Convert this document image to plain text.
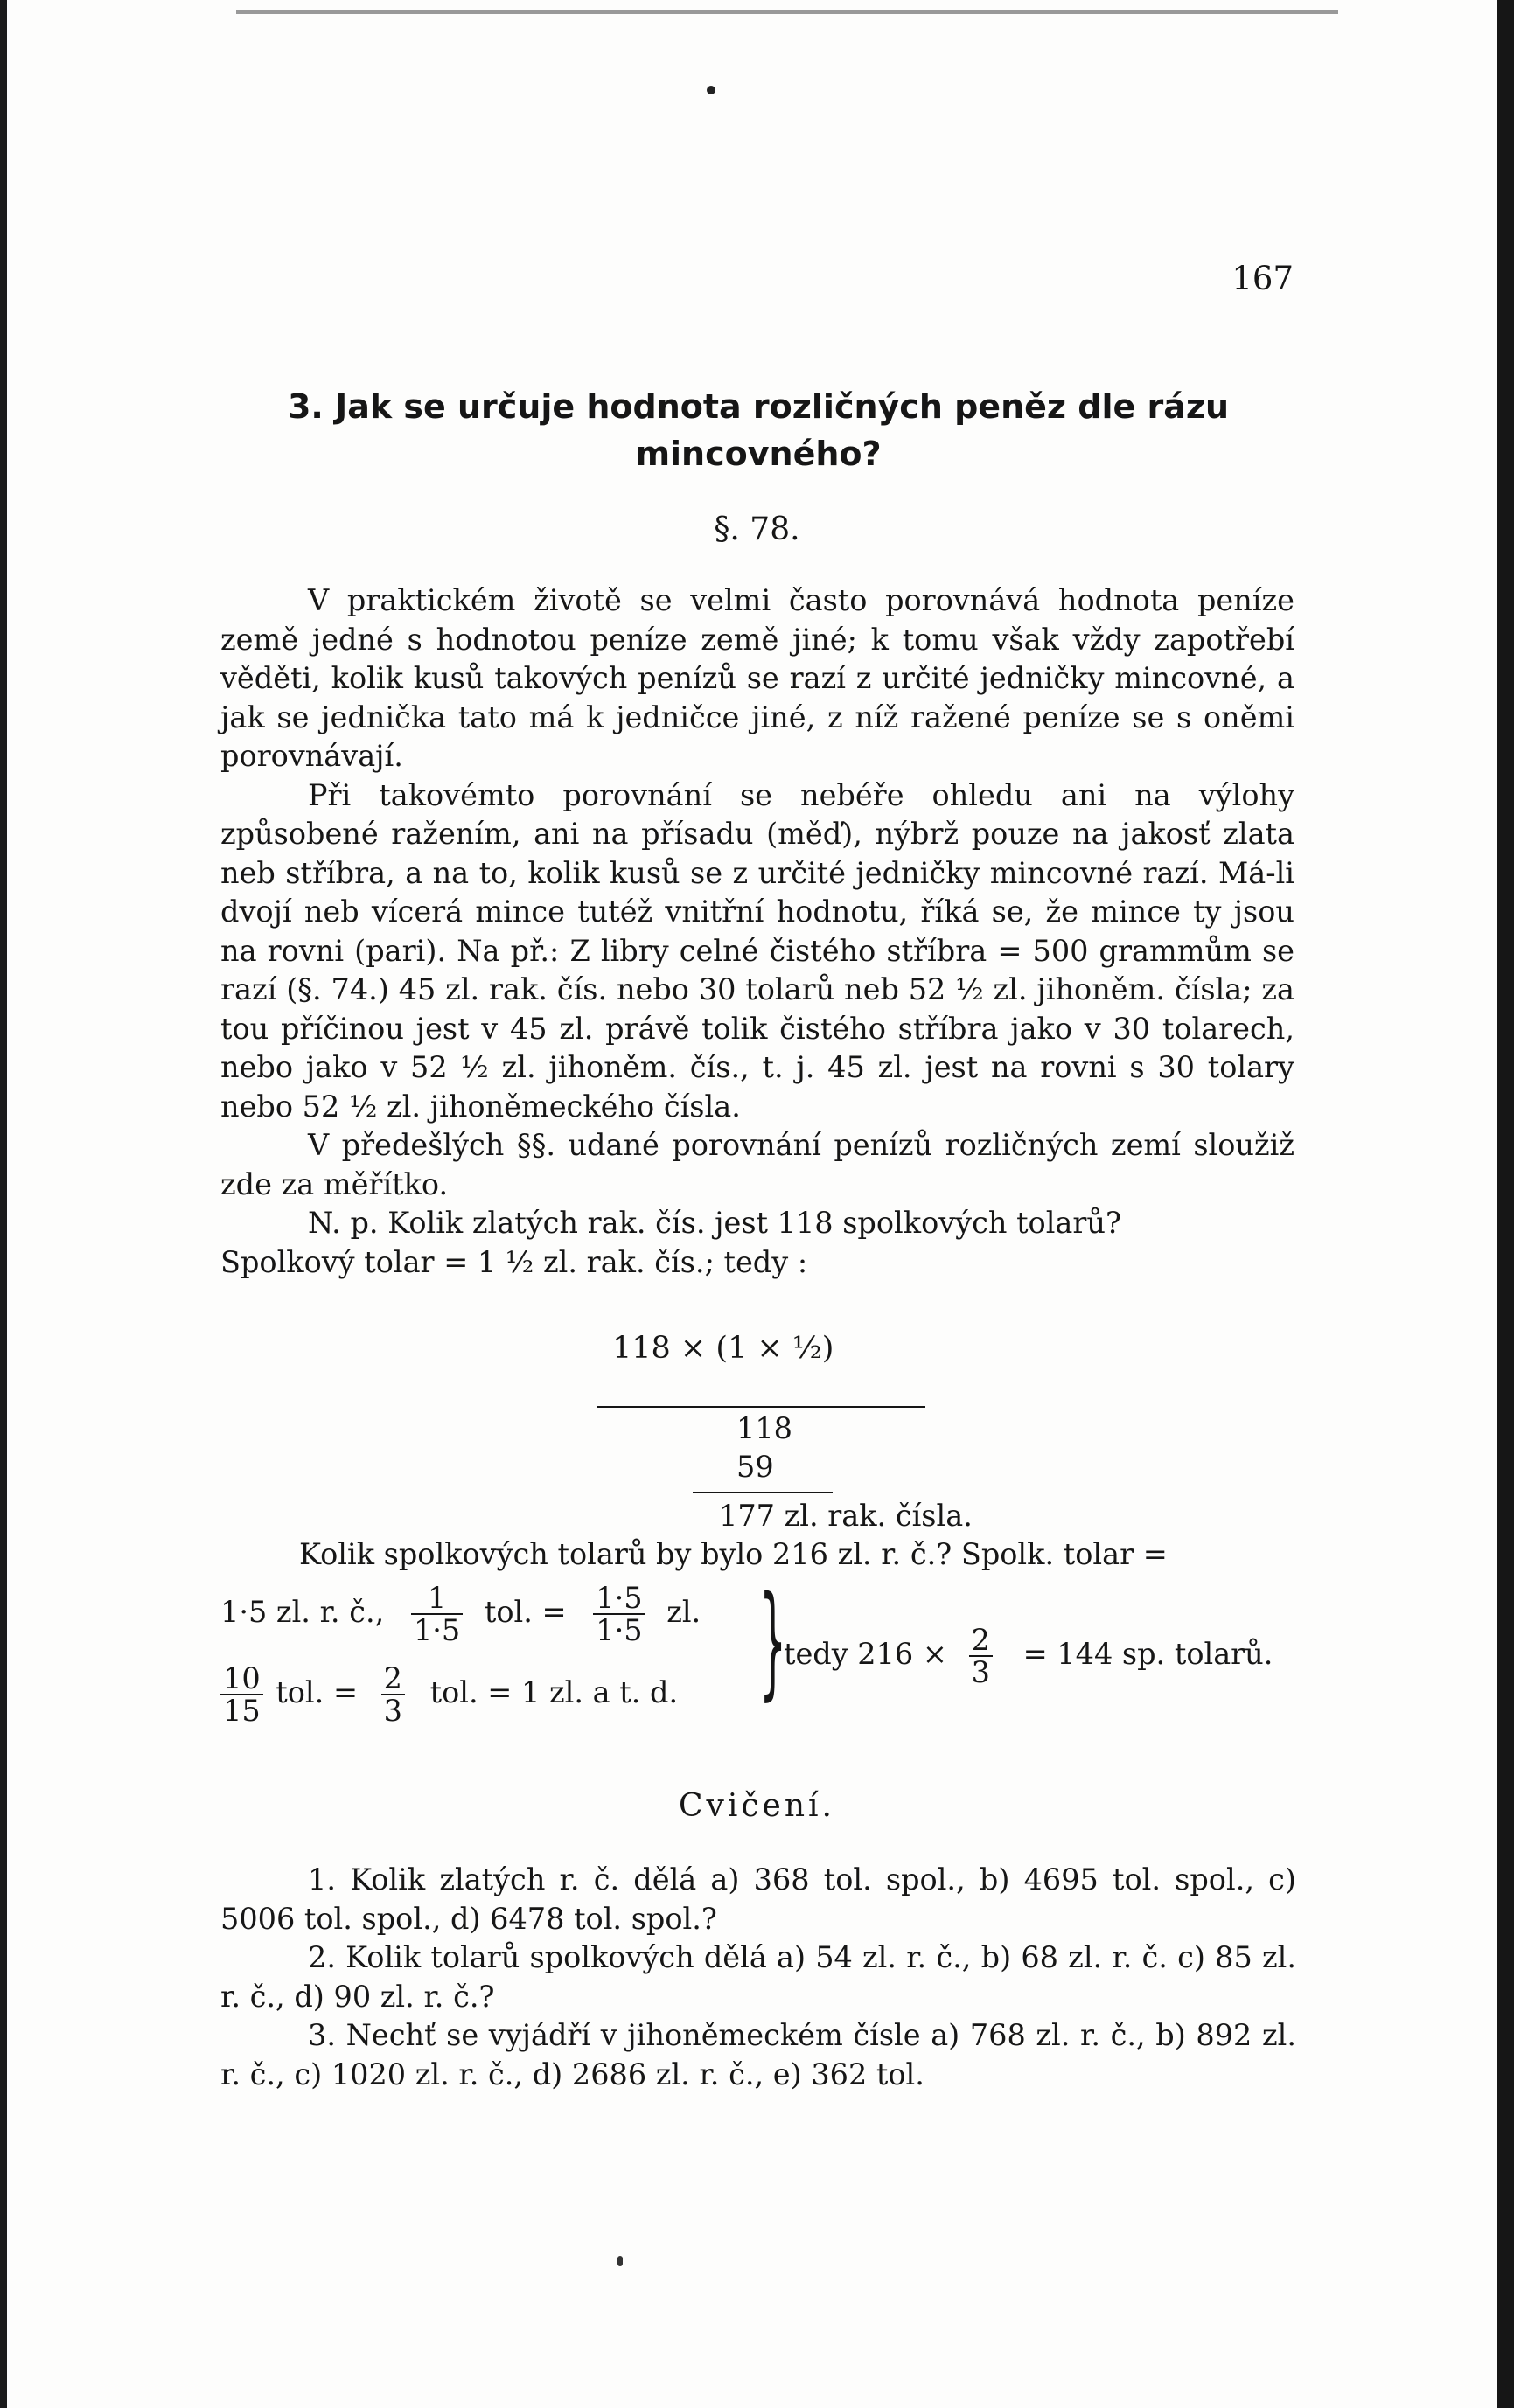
167
3. Jak se určuje hodnota rozličných peněz dle rázu mincovného?
§. 78.

V praktickém životě se velmi často porovnává hodnota peníze země jedné s hodnotou peníze země jiné; k tomu však vždy zapotřebí věděti, kolik kusů takových penízů se razí z určité jedničky mincovné, a jak se jednička tato má k jedničce jiné, z níž ražené peníze se s oněmi porovnávají.

Při takovémto porovnání se nebéře ohledu ani na výlohy způsobené ražením, ani na přísadu (měď), nýbrž pouze na jakosť zlata neb stříbra, a na to, kolik kusů se z určité jedničky mincovné razí. Má-li dvojí neb vícerá mince tutéž vnitřní hodnotu, říká se, že mince ty jsou na rovni (pari). Na př.: Z libry celné čistého stříbra = 500 grammům se razí (§. 74.) 45 zl. rak. čís. nebo 30 tolarů neb 52 ½ zl. jihoněm. čísla; za tou příčinou jest v 45 zl. právě tolik čistého stříbra jako v 30 tolarech, nebo jako v 52 ½ zl. jihoněm. čís., t. j. 45 zl. jest na rovni s 30 tolary nebo 52 ½ zl. jihoněmeckého čísla.

V předešlých §§. udané porovnání penízů rozličných zemí sloužiž zde za měřítko.

N. p. Kolik zlatých rak. čís. jest 118 spolkových tolarů?

Spolkový tolar = 1 ½ zl. rak. čís.; tedy :

118 × (1 × ½)
118
59
177 zl. rak. čísla.
Kolik spolkových tolarů by bylo 216 zl. r. č.? Spolk. tolar =
1·5 zl. r. č., $\frac{1}{1\cdot 5}$ tol. = $\frac{1\cdot 5}{1\cdot 5}$ zl.
$\frac{10}{15}$ tol. = $\frac{2}{3}$ tol. = 1 zl. a t. d. }
tedy $216 \times \frac{2}{3} = 144$ sp. tolarů.
Cvičení.

1. Kolik zlatých r. č. dělá a) 368 tol. spol., b) 4695 tol. spol., c) 5006 tol. spol., d) 6478 tol. spol.?

2. Kolik tolarů spolkových dělá a) 54 zl. r. č., b) 68 zl. r. č. c) 85 zl. r. č., d) 90 zl. r. č.?

3. Nechť se vyjádří v jihoněmeckém čísle a) 768 zl. r. č., b) 892 zl. r. č., c) 1020 zl. r. č., d) 2686 zl. r. č., e) 362 tol.
